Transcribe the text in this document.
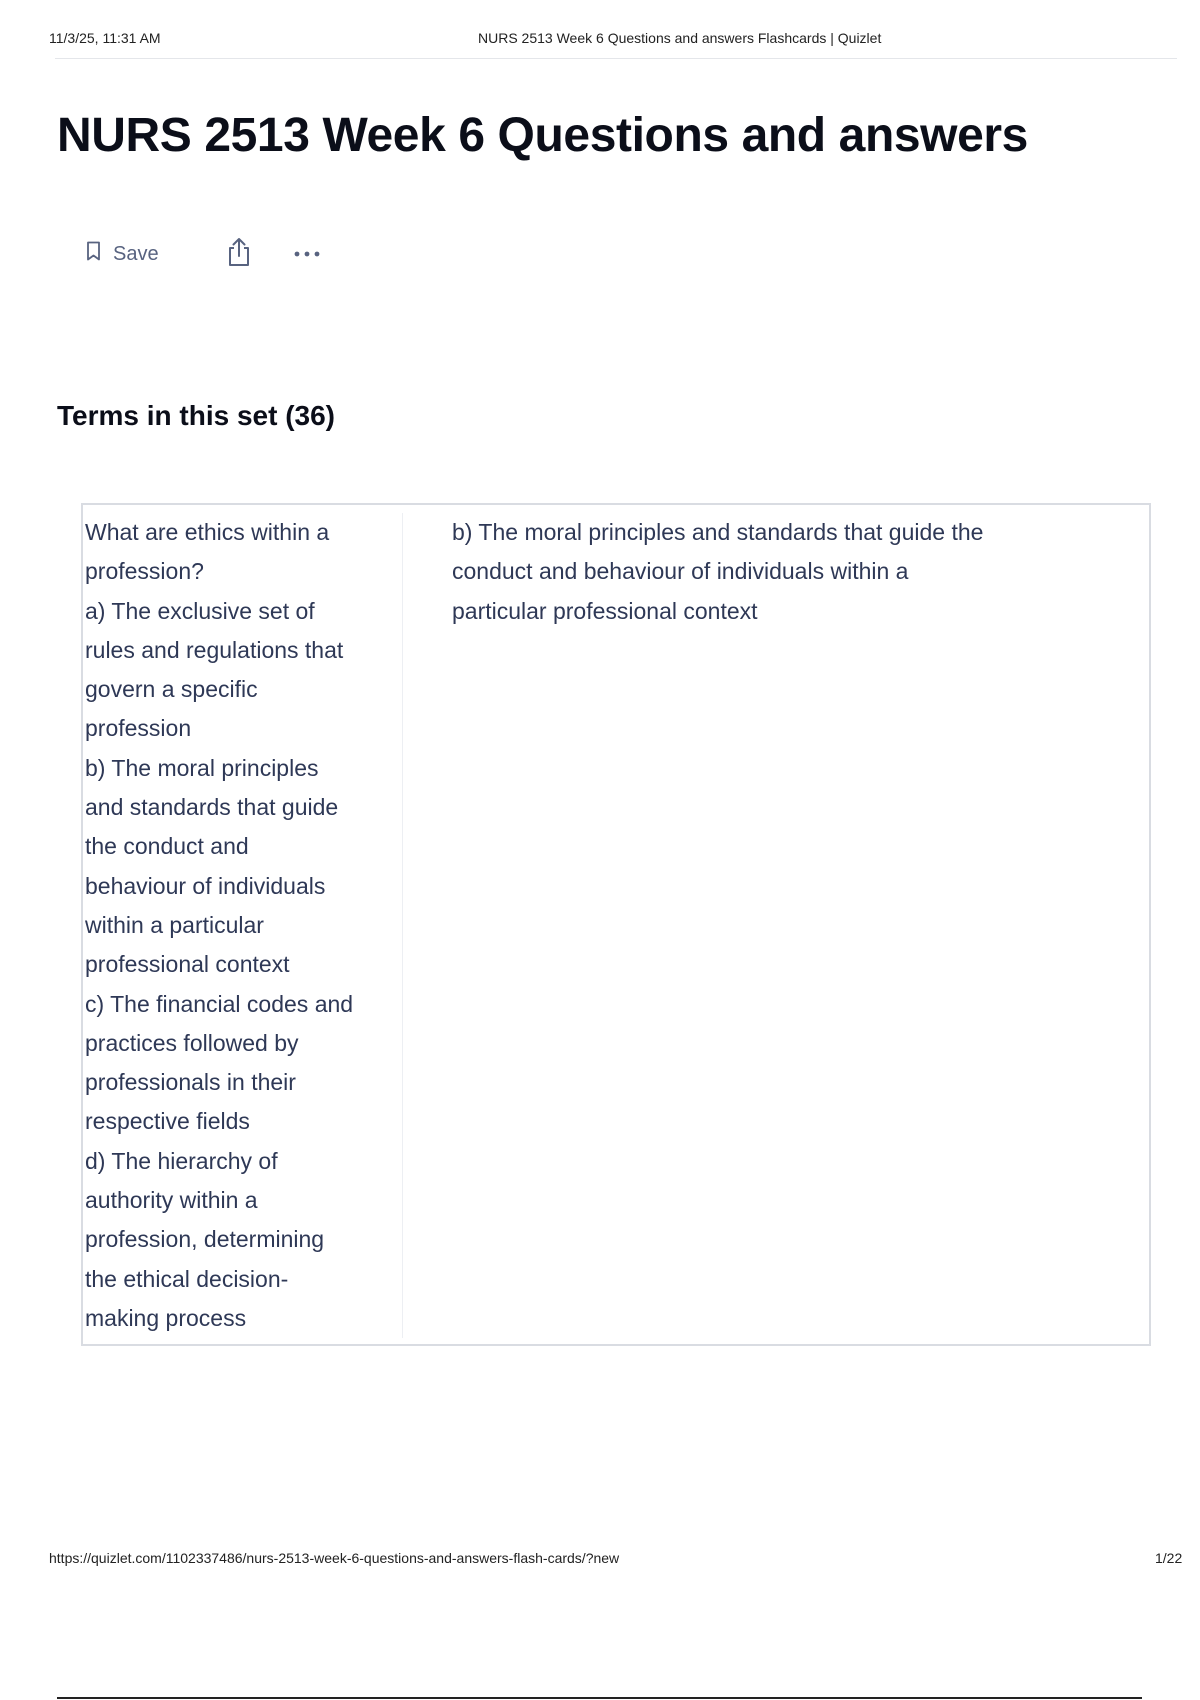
11/3/25, 11:31 AM	NURS 2513 Week 6 Questions and answers Flashcards | Quizlet
NURS 2513 Week 6 Questions and answers
Save
Terms in this set (36)
What are ethics within a
profession?
a) The exclusive set of
rules and regulations that
govern a specific
profession
b) The moral principles
and standards that guide
the conduct and
behaviour of individuals
within a particular
professional context
c) The financial codes and
practices followed by
professionals in their
respective fields
d) The hierarchy of
authority within a
profession, determining
the ethical decision-
making process
b) The moral principles and standards that guide the
conduct and behaviour of individuals within a
particular professional context
https://quizlet.com/1102337486/nurs-2513-week-6-questions-and-answers-flash-cards/?new	1/22
